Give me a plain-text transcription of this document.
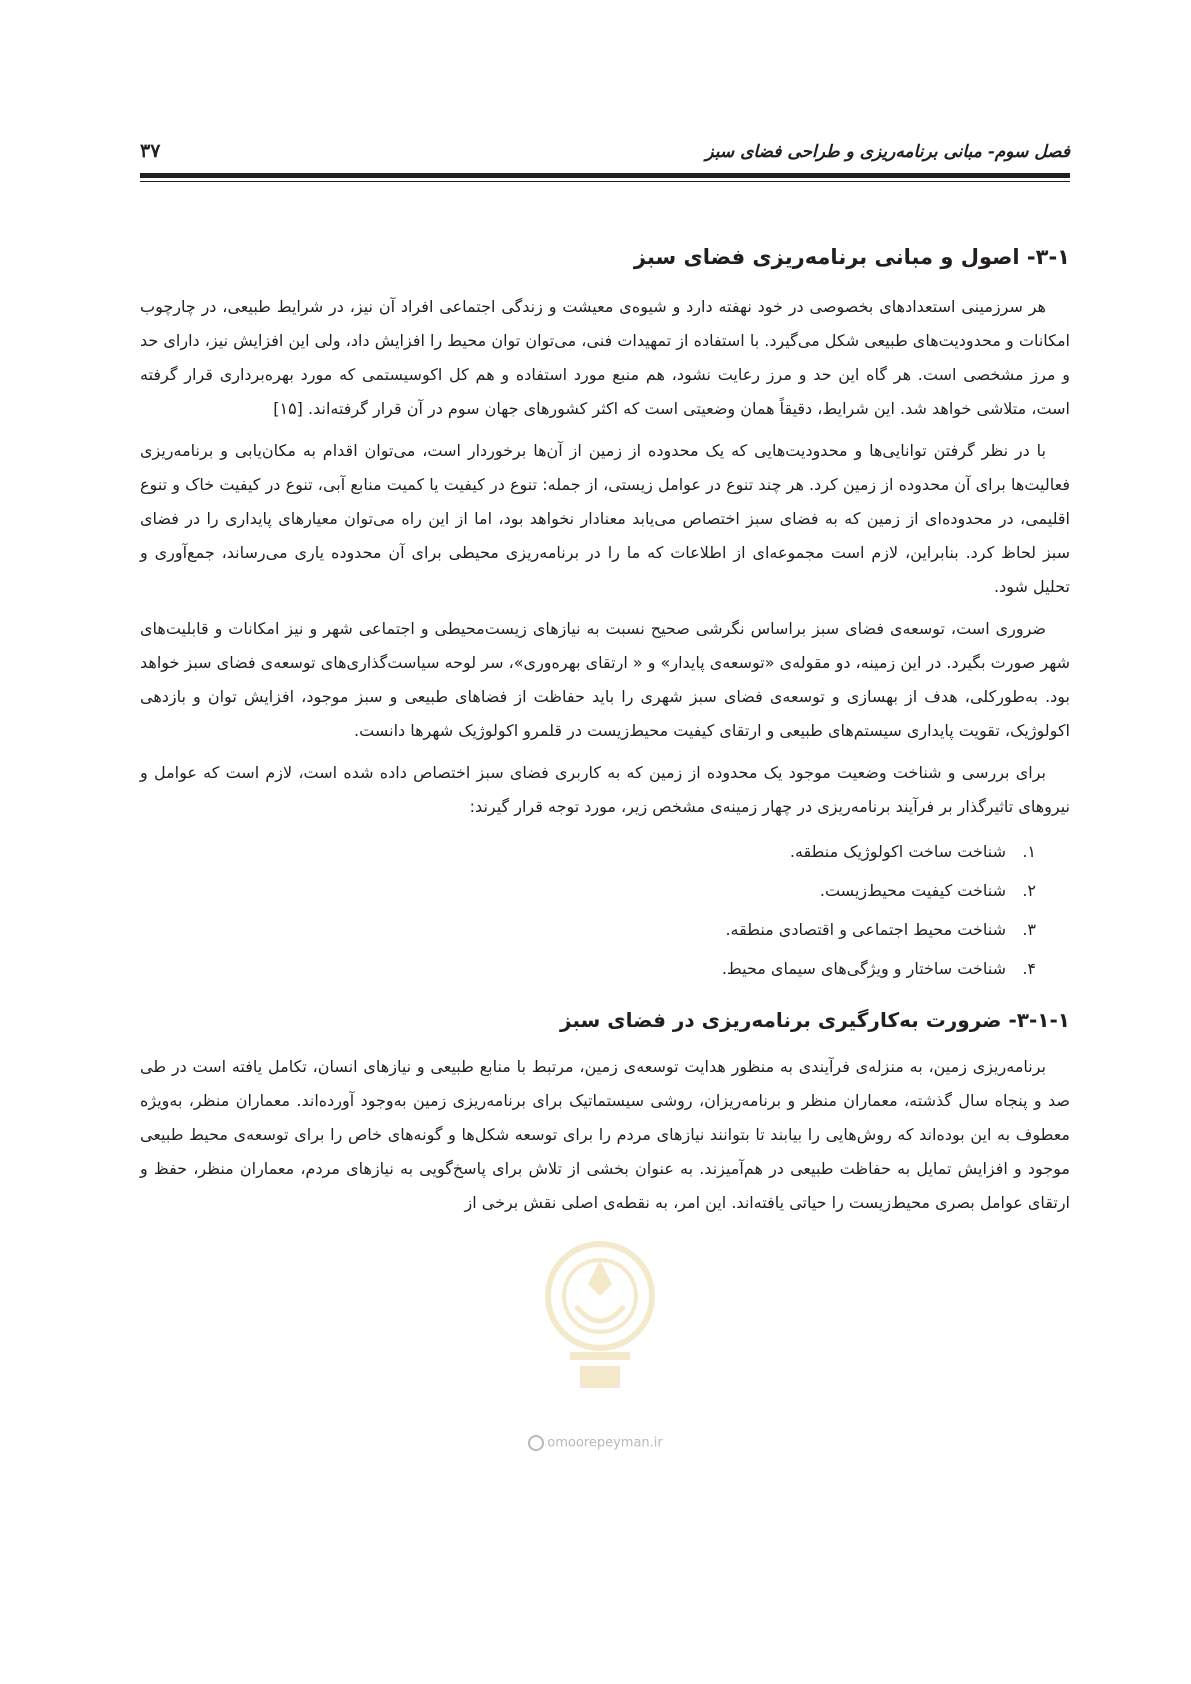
فصل سوم- مبانی برنامه‌ریزی و طراحی فضای سبز
۳۷
۳-۱- اصول و مبانی برنامه‌ریزی فضای سبز

هر سرزمینی استعدادهای بخصوصی در خود نهفته دارد و شیوه‌ی معیشت و زندگی اجتماعی افراد آن نیز، در شرایط طبیعی، در چارچوب امکانات و محدودیت‌های طبیعی شکل می‌گیرد. با استفاده از تمهیدات فنی، می‌توان توان محیط را افزایش داد، ولی این افزایش نیز، دارای حد و مرز مشخصی است. هر گاه این حد و مرز رعایت نشود، هم منبع مورد استفاده و هم کل اکوسیستمی که مورد بهره‌برداری قرار گرفته است، متلاشی خواهد شد. این شرایط، دقیقاً همان وضعیتی است که اکثر کشورهای جهان سوم در آن قرار گرفته‌اند. [۱۵]

با در نظر گرفتن توانایی‌ها و محدودیت‌هایی که یک محدوده از زمین از آن‌ها برخوردار است، می‌توان اقدام به مکان‌یابی و برنامه‌ریزی فعالیت‌ها برای آن محدوده از زمین کرد. هر چند تنوع در عوامل زیستی، از جمله: تنوع در کیفیت یا کمیت منابع آبی، تنوع در کیفیت خاک و تنوع اقلیمی، در محدوده‌ای از زمین که به فضای سبز اختصاص می‌یابد معنادار نخواهد بود، اما از این راه می‌توان معیارهای پایداری را در فضای سبز لحاظ کرد. بنابراین، لازم است مجموعه‌ای از اطلاعات که ما را در برنامه‌ریزی محیطی برای آن محدوده یاری می‌رساند، جمع‌آوری و تحلیل شود.

ضروری است، توسعه‌ی فضای سبز براساس نگرشی صحیح نسبت به نیازهای زیست‌محیطی و اجتماعی شهر و نیز امکانات و قابلیت‌های شهر صورت بگیرد. در این زمینه، دو مقوله‌ی «توسعه‌ی پایدار» و « ارتقای بهره‌وری»، سر لوحه سیاست‌گذاری‌های توسعه‌ی فضای سبز خواهد بود. به‌طورکلی، هدف از بهسازی و توسعه‌ی فضای سبز شهری را باید حفاظت از فضاهای طبیعی و سبز موجود، افزایش توان و بازدهی اکولوژیک، تقویت پایداری سیستم‌های طبیعی و ارتقای کیفیت محیط‌زیست در قلمرو اکولوژیک شهرها دانست.

برای بررسی و شناخت وضعیت موجود یک محدوده از زمین که به کاربری فضای سبز اختصاص داده شده است، لازم است که عوامل و نیروهای تاثیرگذار بر فرآیند برنامه‌ریزی در چهار زمینه‌ی مشخص زیر، مورد توجه قرار گیرند:

۱.شناخت ساخت اکولوژیک منطقه.
۲.شناخت کیفیت محیط‌زیست.
۳.شناخت محیط اجتماعی و اقتصادی منطقه.
۴.شناخت ساختار و ویژگی‌های سیمای محیط.
۳-۱-۱- ضرورت به‌کارگیری برنامه‌ریزی در فضای سبز

برنامه‌ریزی زمین، به منزله‌ی فرآیندی به منظور هدایت توسعه‌ی زمین، مرتبط با منابع طبیعی و نیازهای انسان، تکامل یافته است در طی صد و پنجاه سال گذشته، معماران منظر و برنامه‌ریزان، روشی سیستماتیک برای برنامه‌ریزی زمین به‌وجود آورده‌اند. معماران منظر، به‌ویژه معطوف به این بوده‌اند که روش‌هایی را بیابند تا بتوانند نیازهای مردم را برای توسعه شکل‌ها و گونه‌های خاص را برای توسعه‌ی محیط طبیعی موجود و افزایش تمایل به حفاظت طبیعی در هم‌آمیزند. به عنوان بخشی از تلاش برای پاسخ‌گویی به نیازهای مردم، معماران منظر، حفظ و ارتقای عوامل بصری محیط‌زیست را حیاتی یافته‌اند. این امر، به نقطه‌ی اصلی نقش برخی از

omoorepeyman.ir
